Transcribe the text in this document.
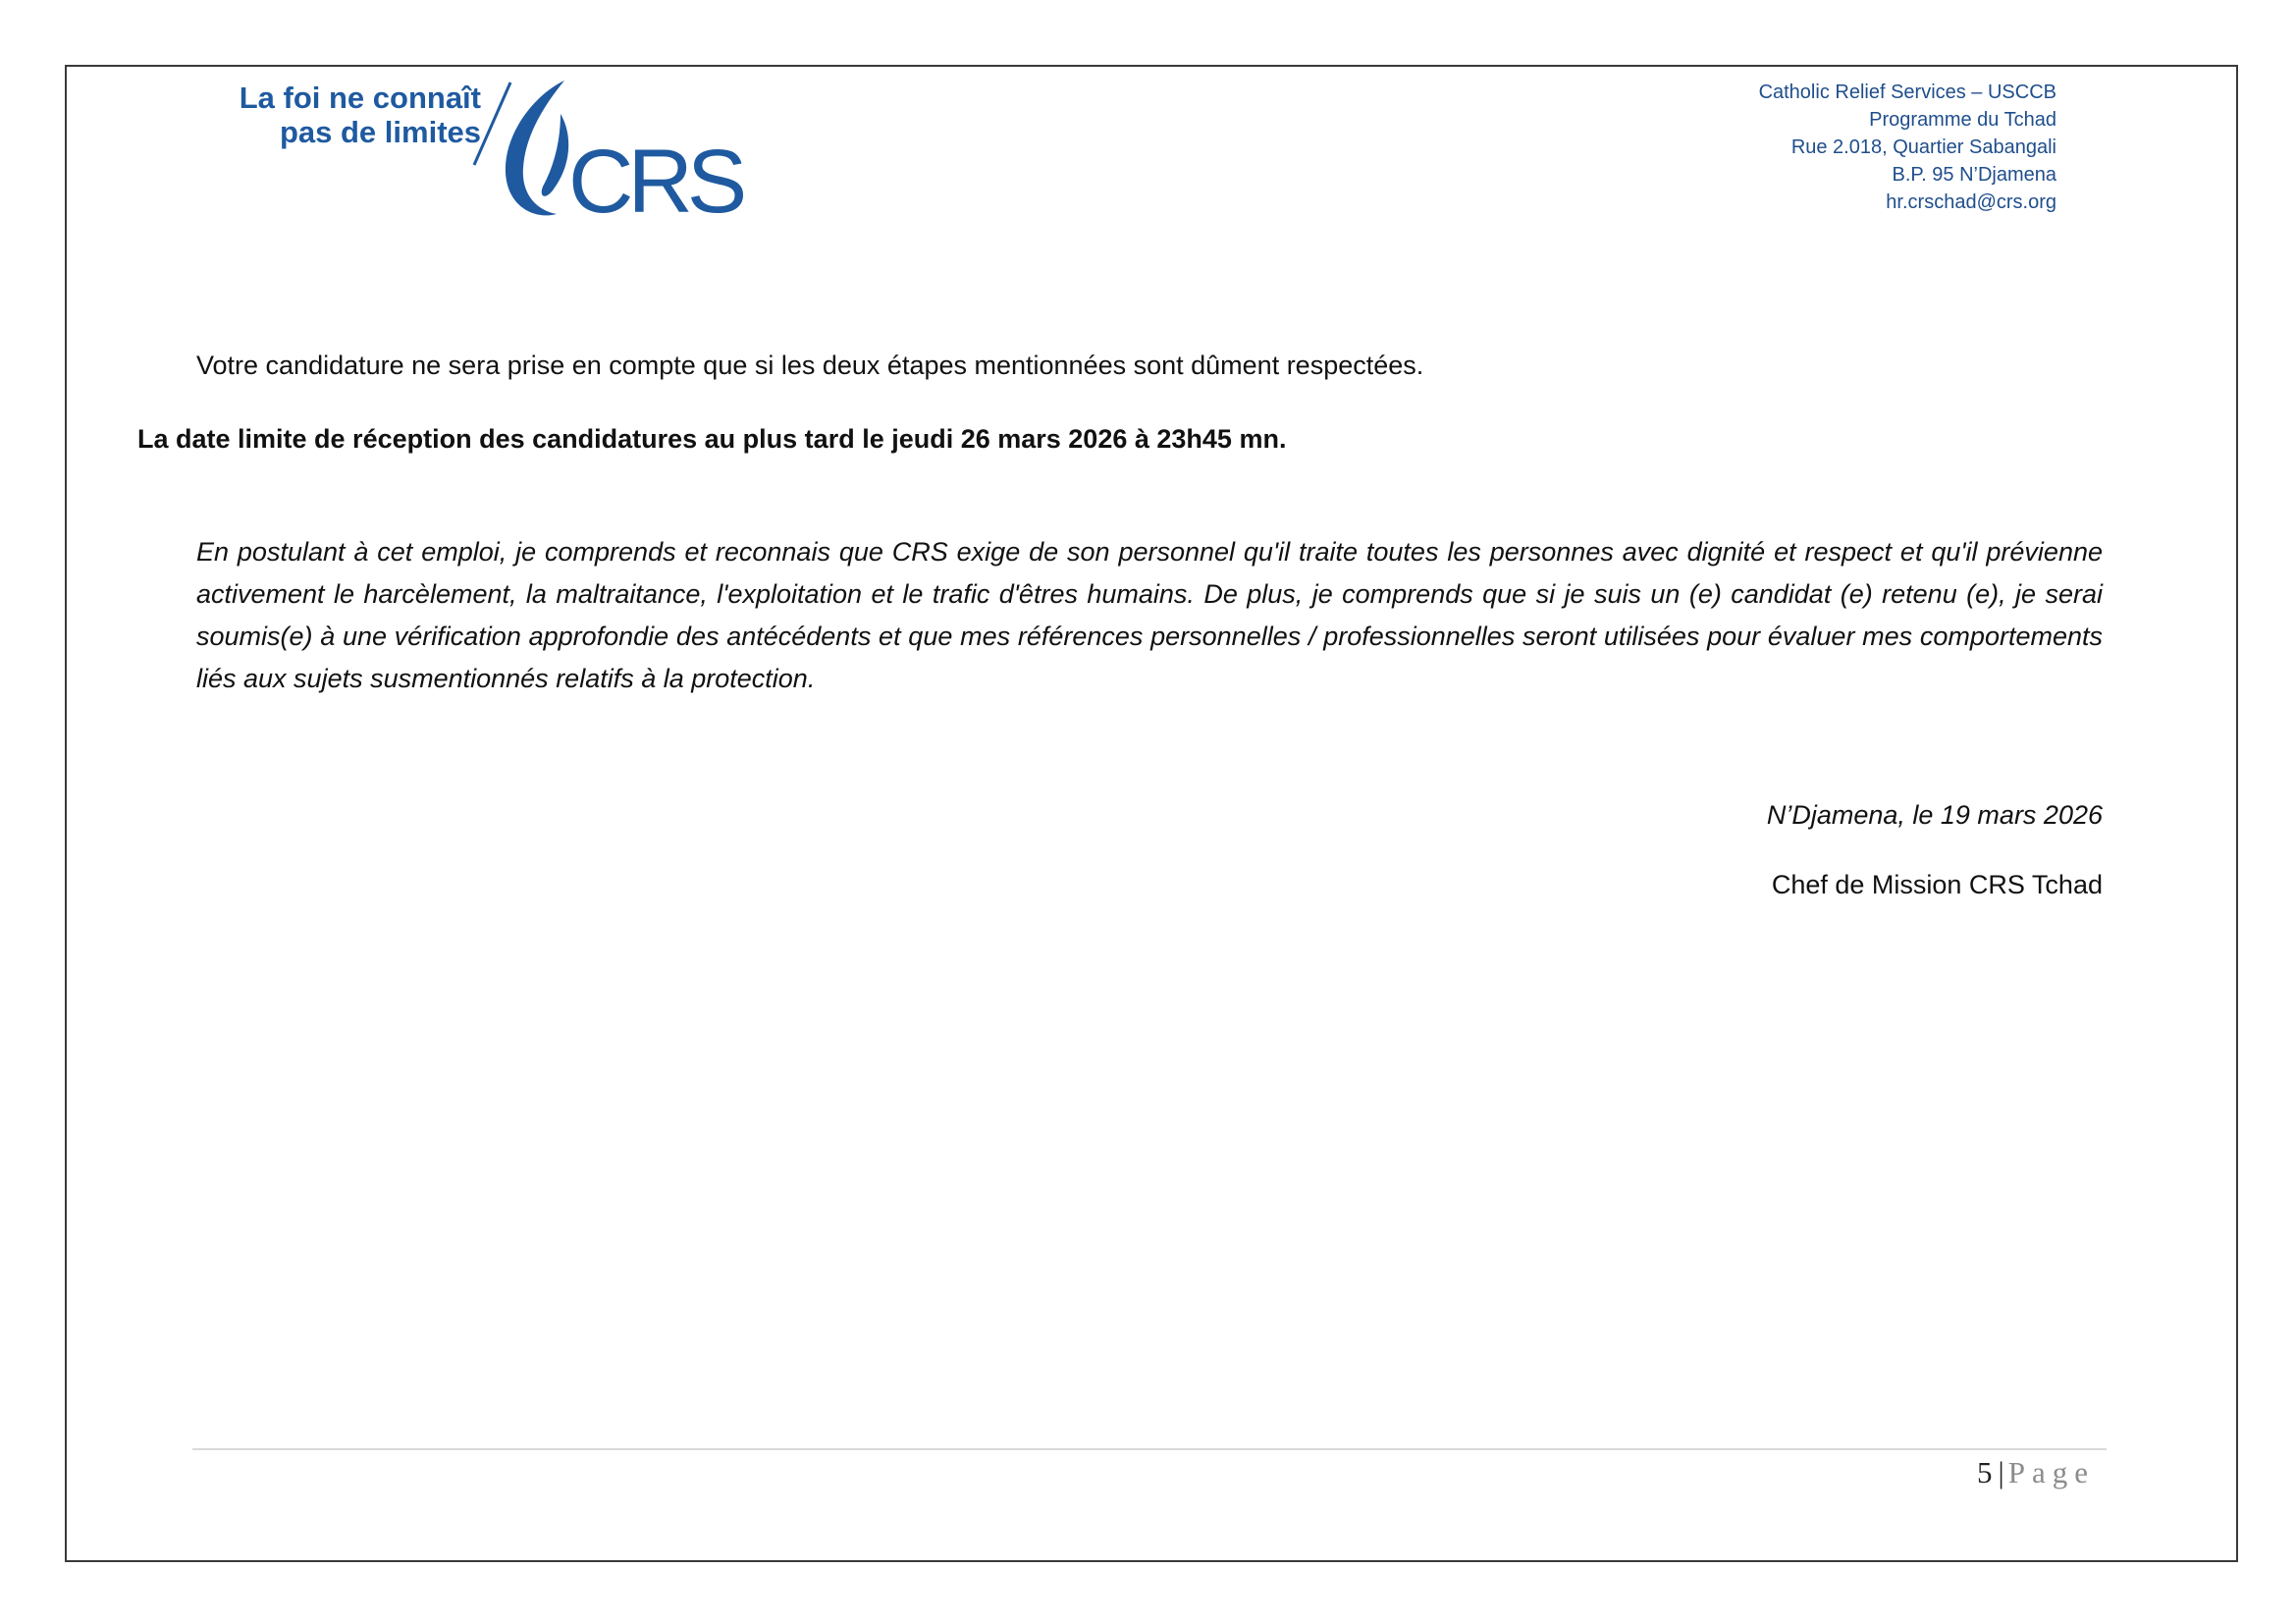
La foi ne connaît
pas de limites CRS
Catholic Relief Services – USCCB
Programme du Tchad
Rue 2.018, Quartier Sabangali
B.P. 95 N’Djamena
hr.crschad@crs.org
Votre candidature ne sera prise en compte que si les deux étapes mentionnées sont dûment respectées.
La date limite de réception des candidatures au plus tard le jeudi 26 mars 2026 à 23h45 mn.
En postulant à cet emploi, je comprends et reconnais que CRS exige de son personnel qu'il traite toutes les personnes avec dignité et respect et qu'il prévienne activement le harcèlement, la maltraitance, l'exploitation et le trafic d'êtres humains. De plus, je comprends que si je suis un (e) candidat (e) retenu (e), je serai soumis(e) à une vérification approfondie des antécédents et que mes références personnelles / professionnelles seront utilisées pour évaluer mes comportements liés aux sujets susmentionnés relatifs à la protection.
N’Djamena, le 19 mars 2026
Chef de Mission CRS Tchad
5 | Page
